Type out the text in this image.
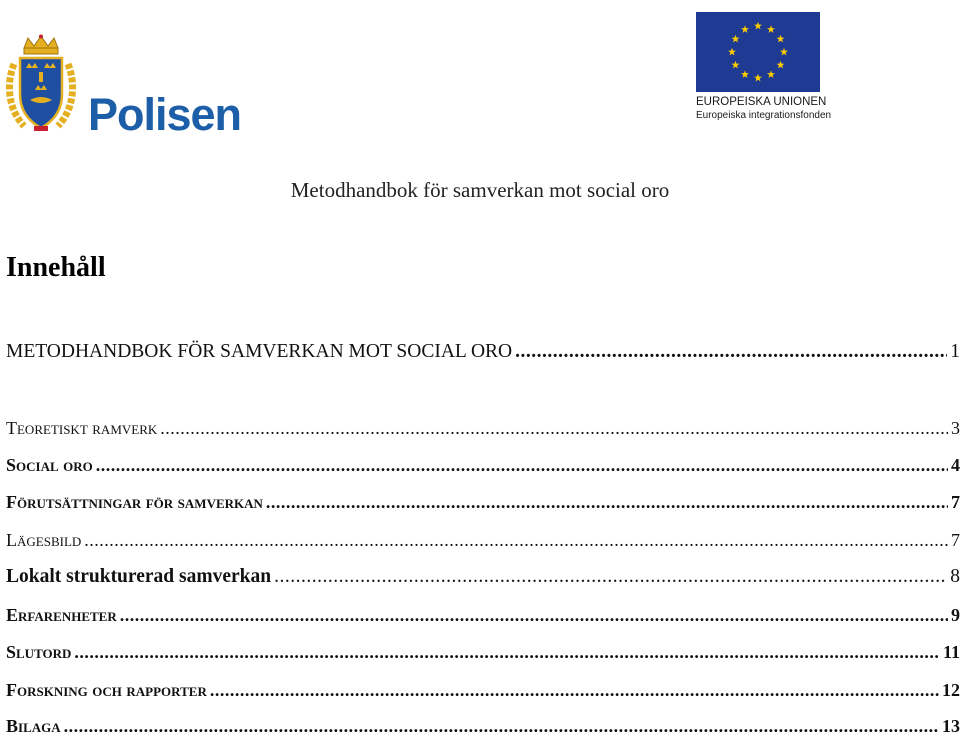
Polisen	EUROPEISKA UNIONEN
Europeiska integrationsfonden
Metodhandbok för samverkan mot social oro
Innehåll
METODHANDBOK FÖR SAMVERKAN MOT SOCIAL ORO .....	1
Teoretiskt ramverk .....	3
Social oro .....	4
Förutsättningar för samverkan .....	7
Lägesbild .....	7
Lokalt strukturerad samverkan .....	8
Erfarenheter .....	9
Slutord .....	11
Forskning och rapporter .....	12
Bilaga .....	13
